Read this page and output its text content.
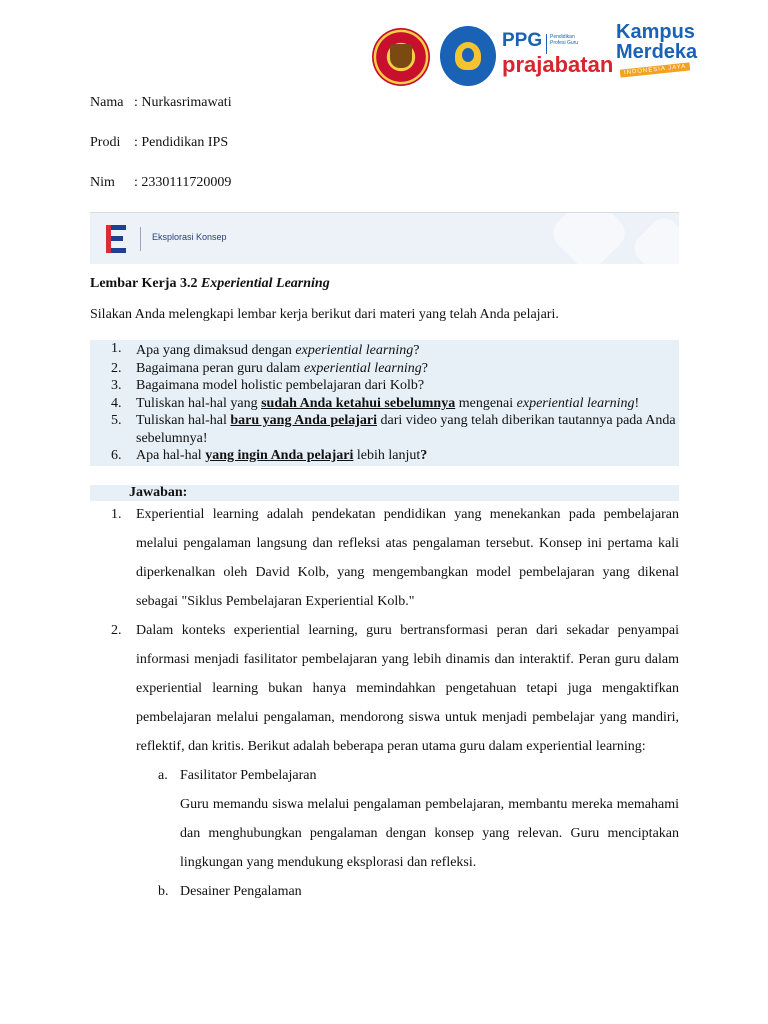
PPG Pendidikan Profesi Guru
prajabatan
Kampus
Merdeka
INDONESIA JAYA
Nama : Nurkasrimawati
Prodi : Pendidikan IPS
Nim : 2330111720009
Eksplorasi Konsep
Lembar Kerja 3.2 Experiential Learning
Silakan Anda melengkapi lembar kerja berikut dari materi yang telah Anda pelajari.
1. Apa yang dimaksud dengan experiential learning?
2. Bagaimana peran guru dalam experiential learning?
3. Bagaimana model holistic pembelajaran dari Kolb?
4. Tuliskan hal-hal yang sudah Anda ketahui sebelumnya mengenai experiential learning!
5. Tuliskan hal-hal baru yang Anda pelajari dari video yang telah diberikan tautannya pada Anda sebelumnya!
6. Apa hal-hal yang ingin Anda pelajari lebih lanjut?
Jawaban:
1. Experiential learning adalah pendekatan pendidikan yang menekankan pada pembelajaran melalui pengalaman langsung dan refleksi atas pengalaman tersebut. Konsep ini pertama kali diperkenalkan oleh David Kolb, yang mengembangkan model pembelajaran yang dikenal sebagai "Siklus Pembelajaran Experiential Kolb."

2. Dalam konteks experiential learning, guru bertransformasi peran dari sekadar penyampai informasi menjadi fasilitator pembelajaran yang lebih dinamis dan interaktif. Peran guru dalam experiential learning bukan hanya memindahkan pengetahuan tetapi juga mengaktifkan pembelajaran melalui pengalaman, mendorong siswa untuk menjadi pembelajar yang mandiri, reflektif, dan kritis. Berikut adalah beberapa peran utama guru dalam experiential learning:

a. Fasilitator Pembelajaran

Guru memandu siswa melalui pengalaman pembelajaran, membantu mereka memahami dan menghubungkan pengalaman dengan konsep yang relevan. Guru menciptakan lingkungan yang mendukung eksplorasi dan refleksi.

b. Desainer Pengalaman
